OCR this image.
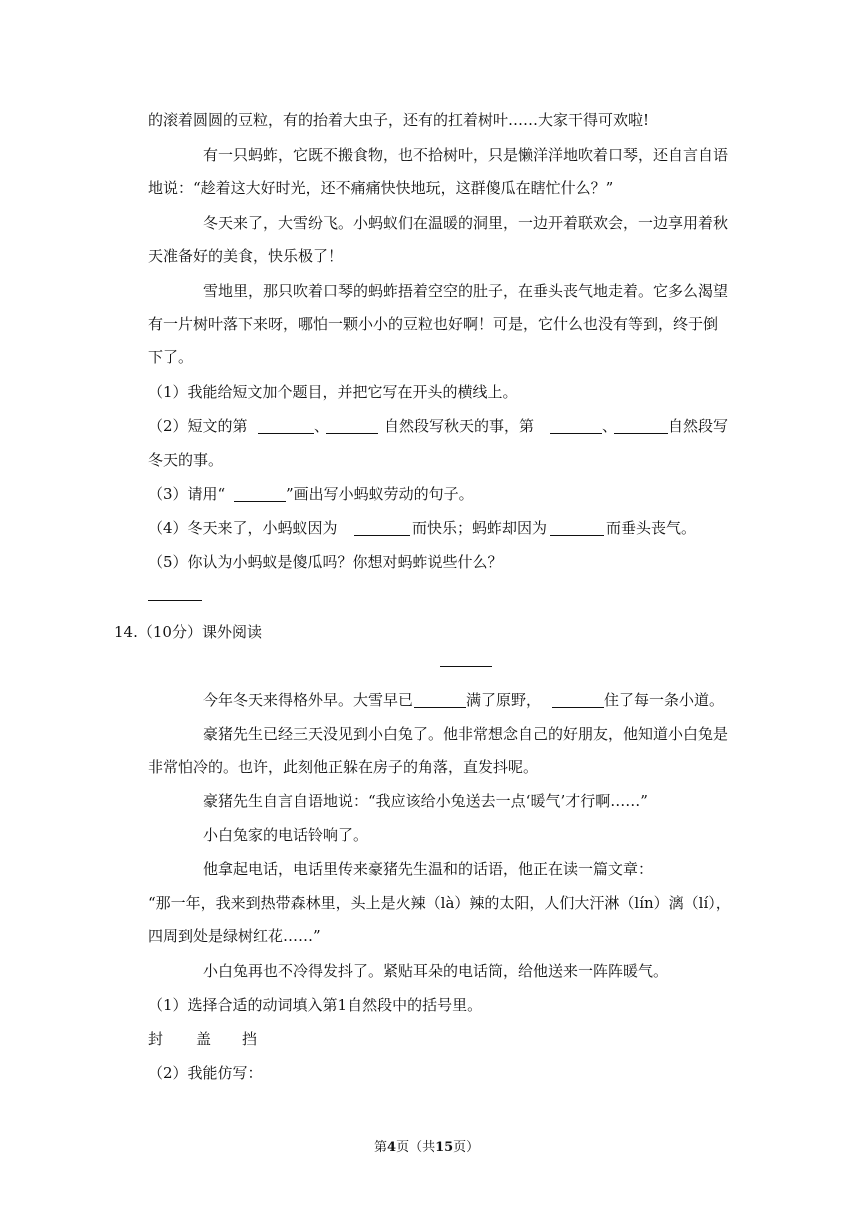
的滚着圆圆的豆粒，有的抬着大虫子，还有的扛着树叶……大家干得可欢啦!
有一只蚂蚱，它既不搬食物，也不拾树叶，只是懒洋洋地吹着口琴，还自言自语
地说：“趁着这大好时光，还不痛痛快快地玩，这群傻瓜在瞎忙什么？”
冬天来了，大雪纷飞。小蚂蚁们在温暖的洞里，一边开着联欢会，一边享用着秋
天准备好的美食，快乐极了！
雪地里，那只吹着口琴的蚂蚱捂着空空的肚子，在垂头丧气地走着。它多么渴望
有一片树叶落下来呀，哪怕一颗小小的豆粒也好啊！可是，它什么也没有等到，终于倒
下了。
（1）我能给短文加个题目，并把它写在开头的横线上。
（2）短文的第	、	自然段写秋天的事，第	、	自然段写
冬天的事。
（3）请用“	”画出写小蚂蚁劳动的句子。
（4）冬天来了，小蚂蚁因为	而快乐；蚂蚱却因为	而垂头丧气。
（5）你认为小蚂蚁是傻瓜吗？你想对蚂蚱说些什么？
14.（10分）课外阅读
今年冬天来得格外早。大雪早已	满了原野，	住了每一条小道。
豪猪先生已经三天没见到小白兔了。他非常想念自己的好朋友，他知道小白兔是
非常怕冷的。也许，此刻他正躲在房子的角落，直发抖呢。
豪猪先生自言自语地说：“我应该给小兔送去一点‘暖气’才行啊……”
小白兔家的电话铃响了。
他拿起电话，电话里传来豪猪先生温和的话语，他正在读一篇文章：
“那一年，我来到热带森林里，头上是火辣（là）辣的太阳，人们大汗淋（lín）漓（lí），
四周到处是绿树红花……”
小白兔再也不冷得发抖了。紧贴耳朵的电话筒，给他送来一阵阵暖气。
（1）选择合适的动词填入第1自然段中的括号里。
封 盖 挡
（2）我能仿写：
第4页（共15页）
